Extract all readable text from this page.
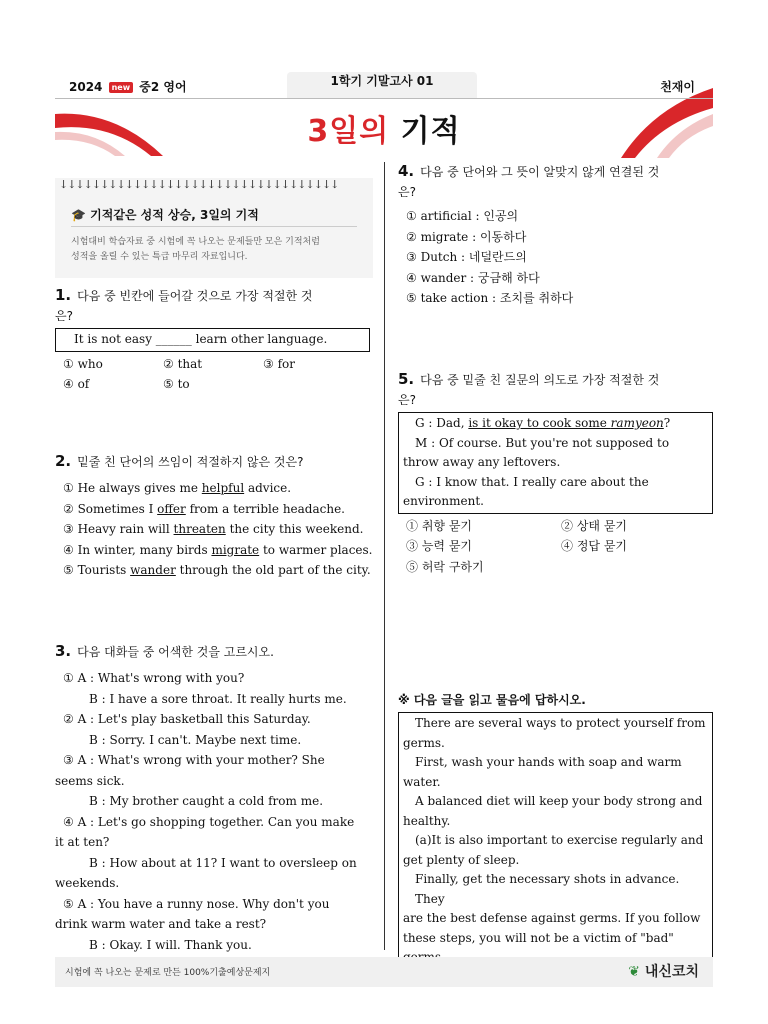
2024 new 중2 영어	1학기 기말고사 01	천재이
3일의 기적
↓↓↓↓↓↓↓↓↓↓↓↓↓↓↓↓↓↓↓↓↓↓↓↓↓↓↓↓↓↓↓↓↓↓
🎓 기적같은 성적 상승, 3일의 기적
시험대비 학습자료 중 시험에 꼭 나오는 문제들만 모은 기적처럼
성적을 올릴 수 있는 특급 마무리 자료입니다.
1. 다음 중 빈칸에 들어갈 것으로 가장 적절한 것
은?
It is not easy ______ learn other language.
① who	② that	③ for
④ of	⑤ to
2. 밑줄 친 단어의 쓰임이 적절하지 않은 것은?
① He always gives me helpful advice.
② Sometimes I offer from a terrible headache.
③ Heavy rain will threaten the city this weekend.
④ In winter, many birds migrate to warmer places.
⑤ Tourists wander through the old part of the city.
3. 다음 대화들 중 어색한 것을 고르시오.
① A : What's wrong with you?
B : I have a sore throat. It really hurts me.
② A : Let's play basketball this Saturday.
B : Sorry. I can't. Maybe next time.
③ A : What's wrong with your mother? She
seems sick.
B : My brother caught a cold from me.
④ A : Let's go shopping together. Can you make
it at ten?
B : How about at 11? I want to oversleep on
weekends.
⑤ A : You have a runny nose. Why don't you
drink warm water and take a rest?
B : Okay. I will. Thank you.
4. 다음 중 단어와 그 뜻이 알맞지 않게 연결된 것
은?
① artificial : 인공의
② migrate : 이동하다
③ Dutch : 네덜란드의
④ wander : 궁금해 하다
⑤ take action : 조치를 취하다
5. 다음 중 밑줄 친 질문의 의도로 가장 적절한 것
은?
G : Dad, is it okay to cook some ramyeon?
M : Of course. But you're not supposed to
throw away any leftovers.
G : I know that. I really care about the
environment.
① 취향 묻기	② 상태 묻기
③ 능력 묻기	④ 정답 묻기
⑤ 허락 구하기
※ 다음 글을 읽고 물음에 답하시오.
There are several ways to protect yourself from
germs.
First, wash your hands with soap and warm
water.
A balanced diet will keep your body strong and
healthy.
(a)It is also important to exercise regularly and
get plenty of sleep.
Finally, get the necessary shots in advance. They
are the best defense against germs. If you follow
these steps, you will not be a victim of "bad"
시험에 꼭 나오는 문제로 만든 100%기출예상문제지	❦ 내신코치
